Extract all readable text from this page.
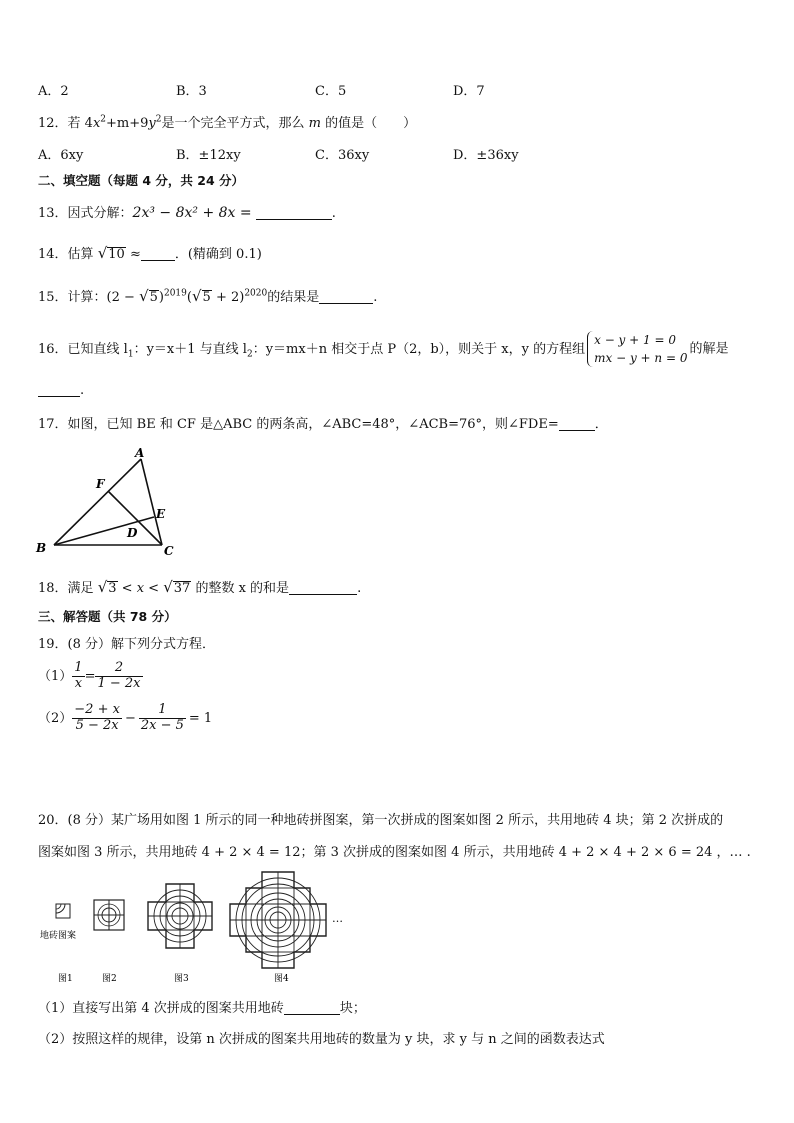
A．2	B．3	C．5	D．7
12．若 $4x^2+m+9y^2$是一个完全平方式，那么 m 的值是（　　）
A．6xy	B．±12xy	C．36xy	D．±36xy
二、填空题（每题 4 分，共 24 分）
13．因式分解：2x³ − 8x² + 8x =	.
14．估算 √10 ≈	．(精确到 0.1)
15．计算：$(2 - √5)^{2019}(√5 + 2)^{2020}$的结果是	.
16．已知直线 $l_1$：y＝x＋1 与直线 $l_2$：y＝mx＋n 相交于点 P（2，b），则关于 x，y 的方程组
x − y + 1 = 0
mx − y + n = 0
的解是
.
17．如图，已知 BE 和 CF 是△ABC 的两条高，∠ABC=48°，∠ACB=76°，则∠FDE=	．
A
B	C
D
E
F
18．满足 √3 < x < √37 的整数 x 的和是	.
三、解答题（共 78 分）
19．(8 分）解下列分式方程．
$(1) \frac{1}{x} = \frac{2}{1 - 2x}$
$(2) \frac{-2 + x}{5 - 2x} - \frac{1}{2x - 5} = 1$
20．(8 分）某广场用如图 1 所示的同一种地砖拼图案，第一次拼成的图案如图 2 所示，共用地砖 4 块；第 2 次拼成的
图案如图 3 所示，共用地砖 4 + 2 × 4 = 12；第 3 次拼成的图案如图 4 所示，共用地砖 4 + 2 × 4 + 2 × 6 = 24 ，… .
地砖图案
…
图1	图2	图3	图4
（1）直接写出第 4 次拼成的图案共用地砖	块；
（2）按照这样的规律，设第 n 次拼成的图案共用地砖的数量为 y 块，求 y 与 n 之间的函数表达式
